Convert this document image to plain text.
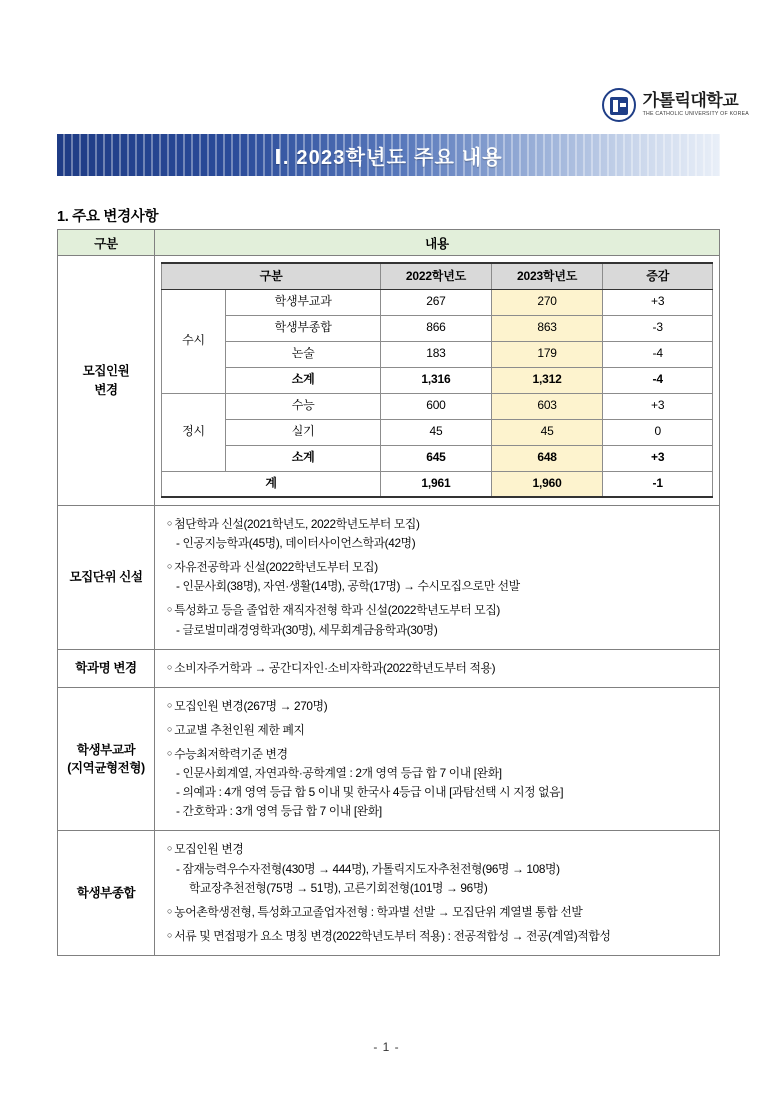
가톨릭대학교
THE CATHOLIC UNIVERSITY OF KOREA
Ⅰ. 2023학년도 주요 내용
1. 주요 변경사항
구분	내용

모집인원
변경

구분	2022학년도	2023학년도	증감
수시	학생부교과	267	270	+3
학생부종합	866	863	-3
논술	183	179	-4
소계	1,316	1,312	-4
정시	수능	600	603	+3
실기	45	45	0
소계	645	648	+3
계	1,961	1,960	-1

모집단위 신설	
○ 첨단학과 신설(2021학년도, 2022학년도부터 모집)
- 인공지능학과(45명), 데이터사이언스학과(42명)
○ 자유전공학과 신설(2022학년도부터 모집)
- 인문사회(38명), 자연·생활(14명), 공학(17명) → 수시모집으로만 선발
○ 특성화고 등을 졸업한 재직자전형 학과 신설(2022학년도부터 모집)
- 글로벌미래경영학과(30명), 세무회계금융학과(30명)

학과명 변경	
○ 소비자주거학과 → 공간디자인·소비자학과(2022학년도부터 적용)

학생부교과
(지역균형전형)

○ 모집인원 변경(267명 → 270명)
○ 고교별 추천인원 제한 폐지
○ 수능최저학력기준 변경
- 인문사회계열, 자연과학·공학계열 : 2개 영역 등급 합 7 이내 [완화]
- 의예과 : 4개 영역 등급 합 5 이내 및 한국사 4등급 이내 [과탐선택 시 지정 없음]
- 간호학과 : 3개 영역 등급 합 7 이내 [완화]

학생부종합	
○ 모집인원 변경
- 잠재능력우수자전형(430명 → 444명), 가톨릭지도자추천전형(96명 → 108명)
학교장추천전형(75명 → 51명), 고른기회전형(101명 → 96명)
○ 농어촌학생전형, 특성화고교졸업자전형 : 학과별 선발 → 모집단위 계열별 통합 선발
○ 서류 및 면접평가 요소 명칭 변경(2022학년도부터 적용) : 전공적합성 → 전공(계열)적합성
- 1 -
